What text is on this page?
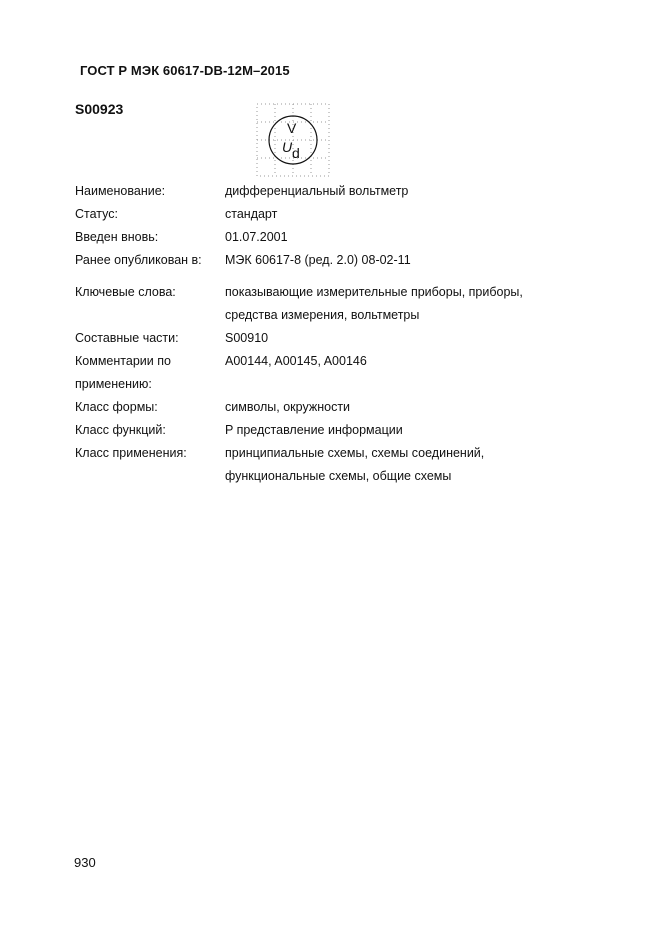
ГОСТ Р МЭК 60617-DB-12M–2015
S00923
V
U d
Наименование:	дифференциальный вольтметр
Статус:	стандарт
Введен вновь:	01.07.2001
Ранее опубликован в:	МЭК 60617-8 (ред. 2.0) 08-02-11
Ключевые слова:	показывающие измерительные приборы, приборы,
средства измерения, вольтметры
Составные части:	S00910
Комментарии по
применению:
A00144, A00145, A00146
Класс формы:	символы, окружности
Класс функций:	P представление информации
Класс применения:	принципиальные схемы, схемы соединений,
функциональные схемы, общие схемы
930
